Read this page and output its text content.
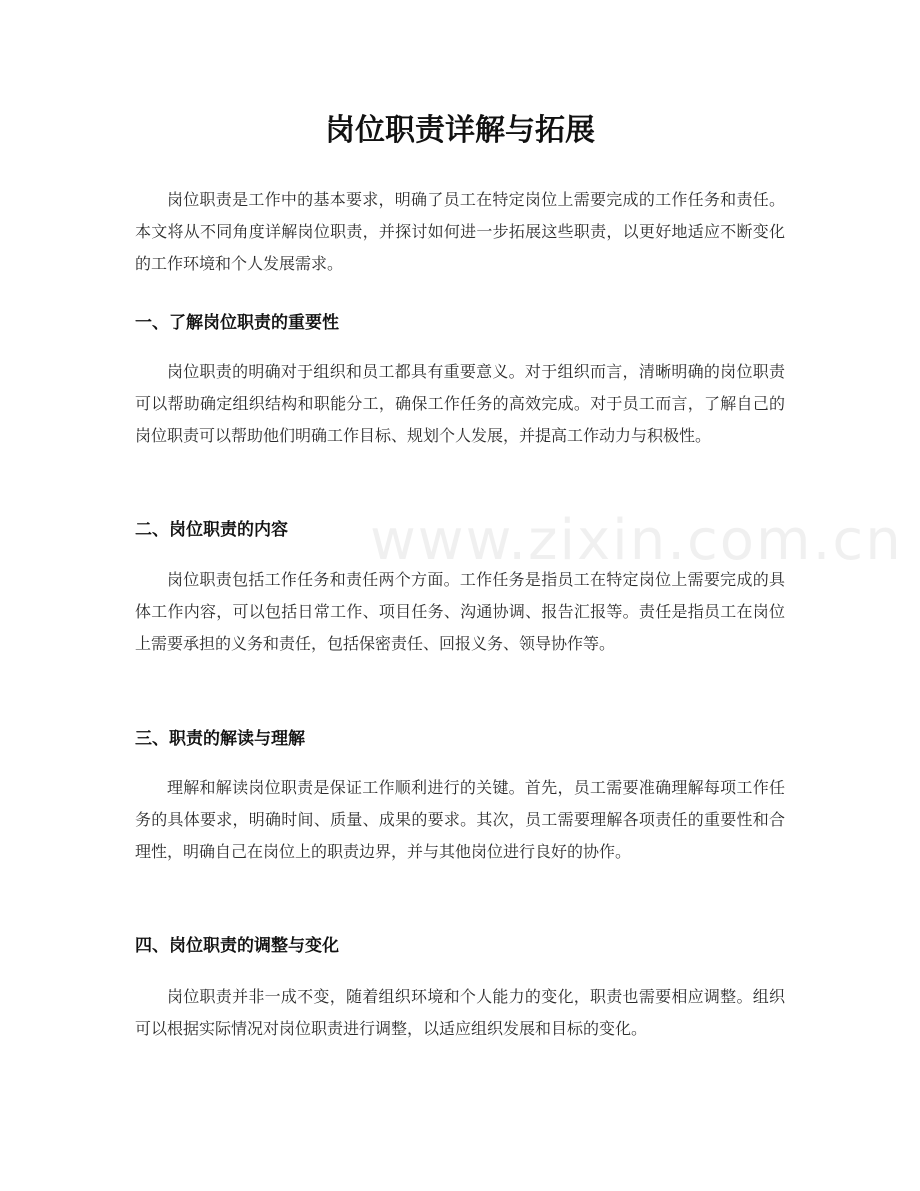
www.zixin.com.cn
岗位职责详解与拓展

岗位职责是工作中的基本要求，明确了员工在特定岗位上需要完成的工作任务和责任。本文将从不同角度详解岗位职责，并探讨如何进一步拓展这些职责，以更好地适应不断变化的工作环境和个人发展需求。

一、了解岗位职责的重要性

岗位职责的明确对于组织和员工都具有重要意义。对于组织而言，清晰明确的岗位职责可以帮助确定组织结构和职能分工，确保工作任务的高效完成。对于员工而言，了解自己的岗位职责可以帮助他们明确工作目标、规划个人发展，并提高工作动力与积极性。

二、岗位职责的内容

岗位职责包括工作任务和责任两个方面。工作任务是指员工在特定岗位上需要完成的具体工作内容，可以包括日常工作、项目任务、沟通协调、报告汇报等。责任是指员工在岗位上需要承担的义务和责任，包括保密责任、回报义务、领导协作等。

三、职责的解读与理解

理解和解读岗位职责是保证工作顺利进行的关键。首先，员工需要准确理解每项工作任务的具体要求，明确时间、质量、成果的要求。其次，员工需要理解各项责任的重要性和合理性，明确自己在岗位上的职责边界，并与其他岗位进行良好的协作。

四、岗位职责的调整与变化

岗位职责并非一成不变，随着组织环境和个人能力的变化，职责也需要相应调整。组织可以根据实际情况对岗位职责进行调整，以适应组织发展和目标的变化。
